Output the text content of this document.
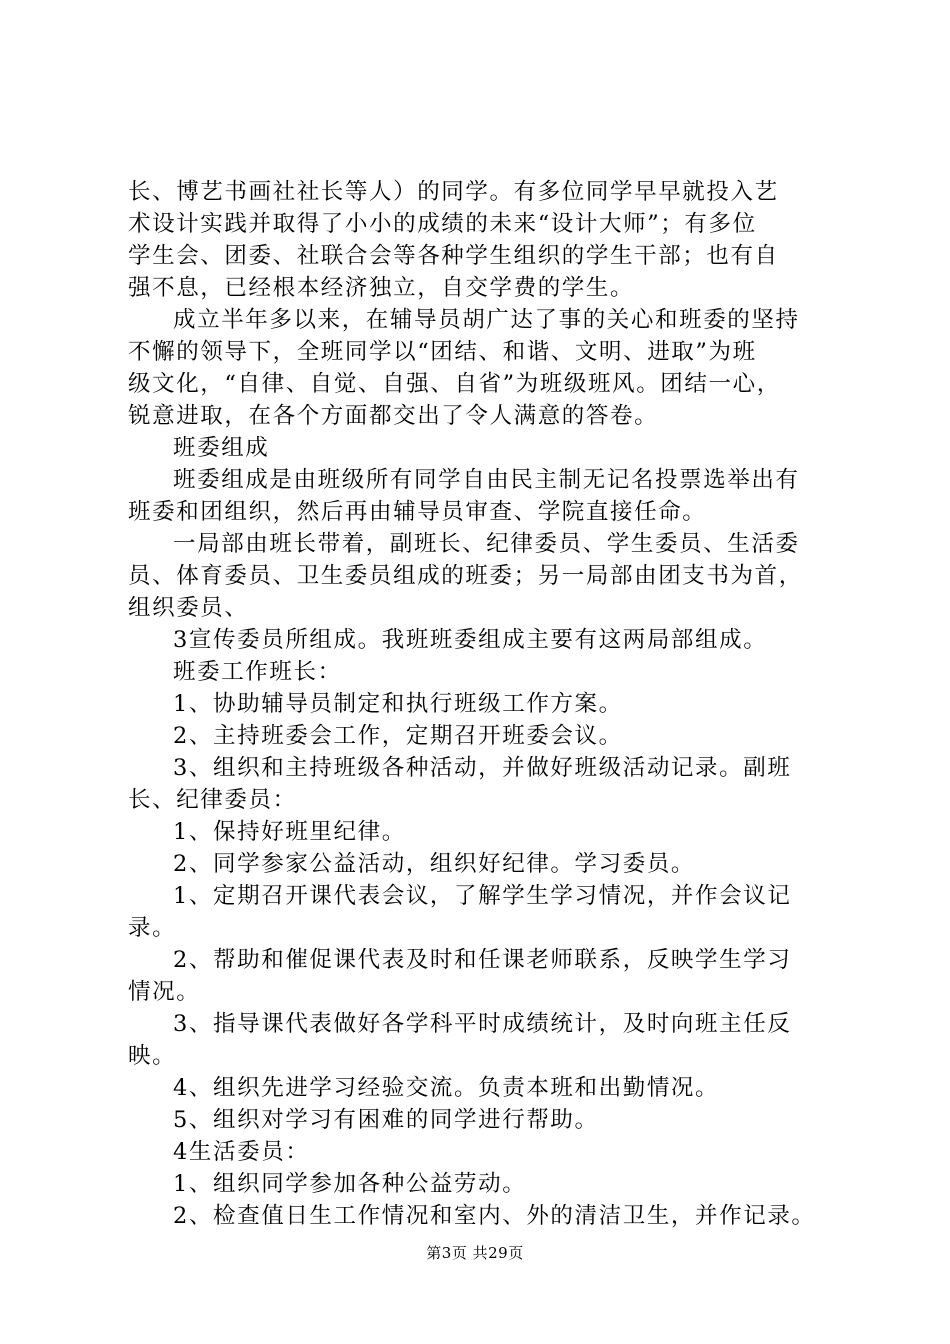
长、博艺书画社社长等人）的同学。有多位同学早早就投入艺
术设计实践并取得了小小的成绩的未来“设计大师”；有多位
学生会、团委、社联合会等各种学生组织的学生干部；也有自
强不息，已经根本经济独立，自交学费的学生。
成立半年多以来，在辅导员胡广达了事的关心和班委的坚持
不懈的领导下，全班同学以“团结、和谐、文明、进取”为班
级文化，“自律、自觉、自强、自省”为班级班风。团结一心，
锐意进取，在各个方面都交出了令人满意的答卷。
班委组成
班委组成是由班级所有同学自由民主制无记名投票选举出有
班委和团组织，然后再由辅导员审查、学院直接任命。
一局部由班长带着，副班长、纪律委员、学生委员、生活委
员、体育委员、卫生委员组成的班委；另一局部由团支书为首，
组织委员、
3宣传委员所组成。我班班委组成主要有这两局部组成。
班委工作班长：
1、协助辅导员制定和执行班级工作方案。
2、主持班委会工作，定期召开班委会议。
3、组织和主持班级各种活动，并做好班级活动记录。副班
长、纪律委员：
1、保持好班里纪律。
2、同学参家公益活动，组织好纪律。学习委员。
1、定期召开课代表会议，了解学生学习情况，并作会议记
录。
2、帮助和催促课代表及时和任课老师联系，反映学生学习
情况。
3、指导课代表做好各学科平时成绩统计，及时向班主任反
映。
4、组织先进学习经验交流。负责本班和出勤情况。
5、组织对学习有困难的同学进行帮助。
4生活委员：
1、组织同学参加各种公益劳动。
2、检查值日生工作情况和室内、外的清洁卫生，并作记录。
第3页 共29页
